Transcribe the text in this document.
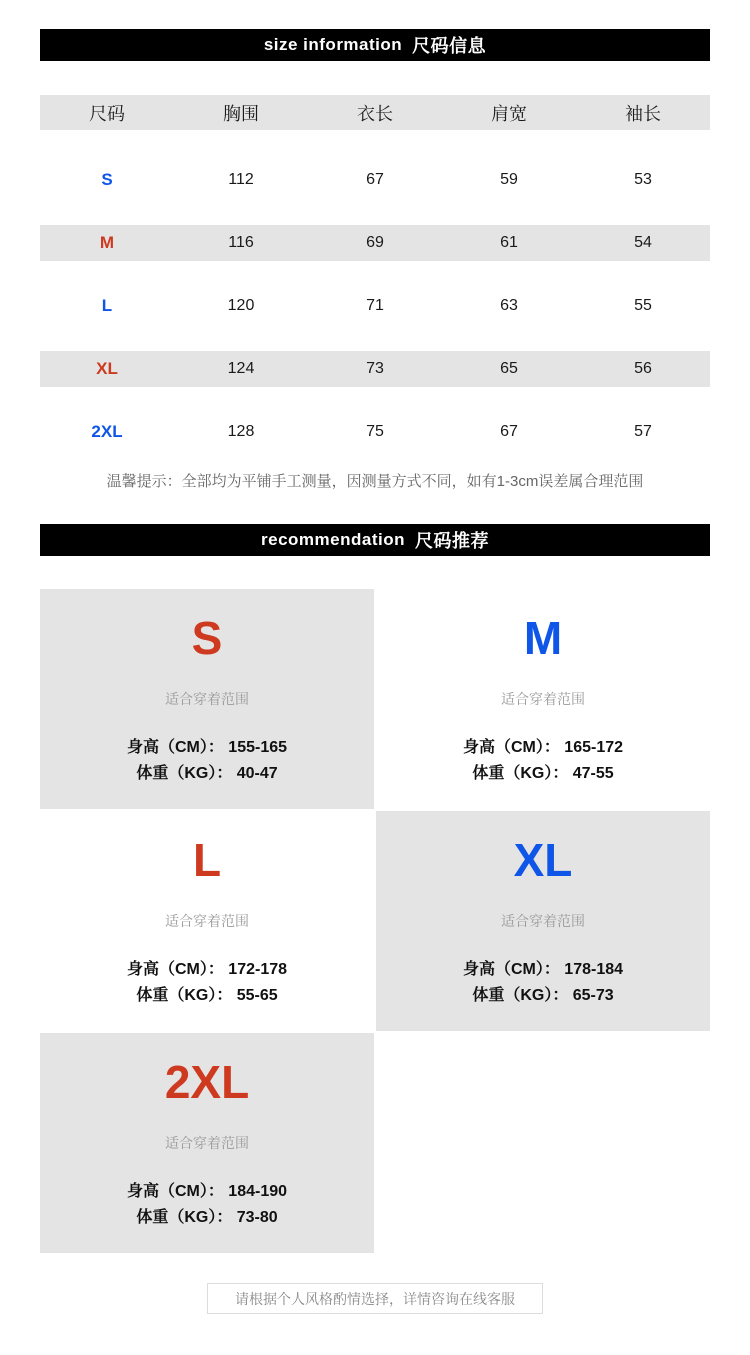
size information 尺码信息
尺码	胸围	衣长	肩宽	袖长
S	112	67	59	53
M	116	69	61	54
L	120	71	63	55
XL	124	73	65	56
2XL	128	75	67	57
温馨提示：全部均为平铺手工测量，因测量方式不同，如有1-3cm误差属合理范围
recommendation 尺码推荐
S
适合穿着范围
身高（CM）： 155-165
体重（KG）： 40-47
M
适合穿着范围
身高（CM）： 165-172
体重（KG）： 47-55
L
适合穿着范围
身高（CM）： 172-178
体重（KG）： 55-65
XL
适合穿着范围
身高（CM）： 178-184
体重（KG）： 65-73
2XL
适合穿着范围
身高（CM）： 184-190
体重（KG）： 73-80
请根据个人风格酌情选择，详情咨询在线客服
